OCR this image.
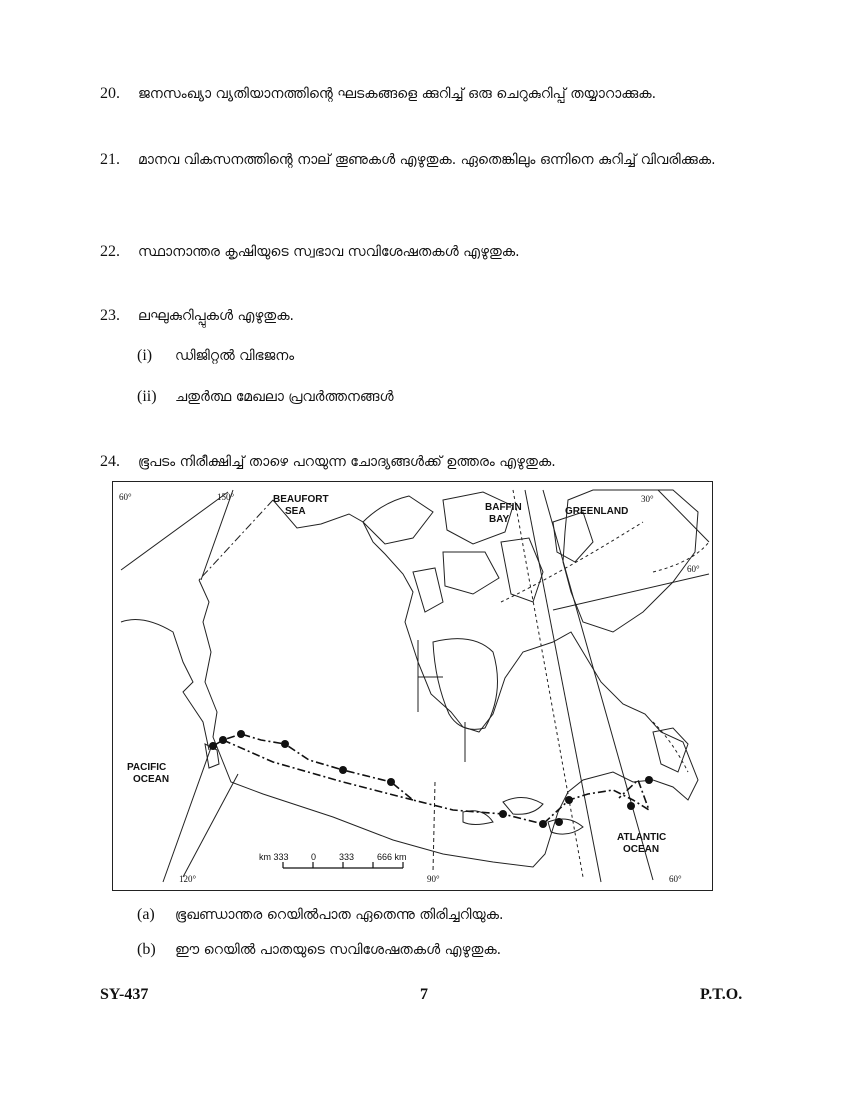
20.	ജനസംഖ്യാ വ്യതിയാനത്തിന്റെ ഘടകങ്ങളെ ക്കുറിച്ച് ഒരു ചെറുകുറിപ്പ് തയ്യാറാക്കുക.
21.	മാനവ വികസനത്തിന്റെ നാല് തൂണുകൾ എഴുതുക. ഏതെങ്കിലും ഒന്നിനെ കുറിച്ച് വിവരിക്കുക.
22.	സ്ഥാനാന്തര കൃഷിയുടെ സ്വഭാവ സവിശേഷതകൾ എഴുതുക.
23.	ലഘുകുറിപ്പുകൾ എഴുതുക.
(i) ഡിജിറ്റൽ വിഭജനം
(ii) ചതുർത്ഥ മേഖലാ പ്രവർത്തനങ്ങൾ
24.	ഭൂപടം നിരീക്ഷിച്ച് താഴെ പറയുന്ന ചോദ്യങ്ങൾക്ക് ഉത്തരം എഴുതുക.
BEAUFORT
SEA	BAFFIN
BAY
GREENLAND
PACIFIC
OCEAN
ATLANTIC
OCEAN
60°	150°	30°
60°
120°	90°	60°
km 333 0	333	666 km
(a) ഭൂഖണ്ഡാന്തര റെയിൽപാത ഏതെന്നു തിരിച്ചറിയുക.
(b) ഈ റെയിൽ പാതയുടെ സവിശേഷതകൾ എഴുതുക.
SY-437	7	P.T.O.
